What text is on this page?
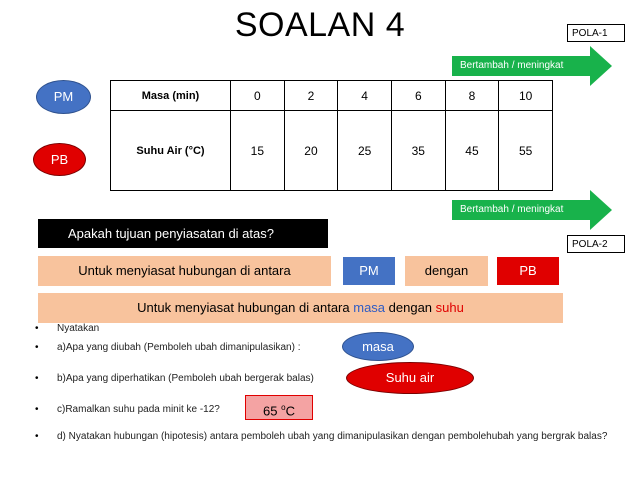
SOALAN 4	POLA-1
POLA-2
Bertambah / meningkat
Bertambah / meningkat
PM
PB
Masa (min)	0	2	4	6	8	10
Suhu Air (°C)	15	20	25	35	45	55
Apakah tujuan penyiasatan di atas?
Untuk menyiasat hubungan di antara	PM	dengan	PB
Untuk menyiasat hubungan di antara masa dengan suhu
• Nyatakan
• a)Apa yang diubah (Pemboleh ubah dimanipulasikan) :
• b)Apa yang diperhatikan (Pemboleh ubah bergerak balas)
• c)Ramalkan suhu pada minit ke -12?
• d) Nyatakan hubungan (hipotesis) antara pemboleh ubah yang dimanipulasikan dengan pembolehubah yang bergrak balas?
masa
Suhu air
65 $^o$C
